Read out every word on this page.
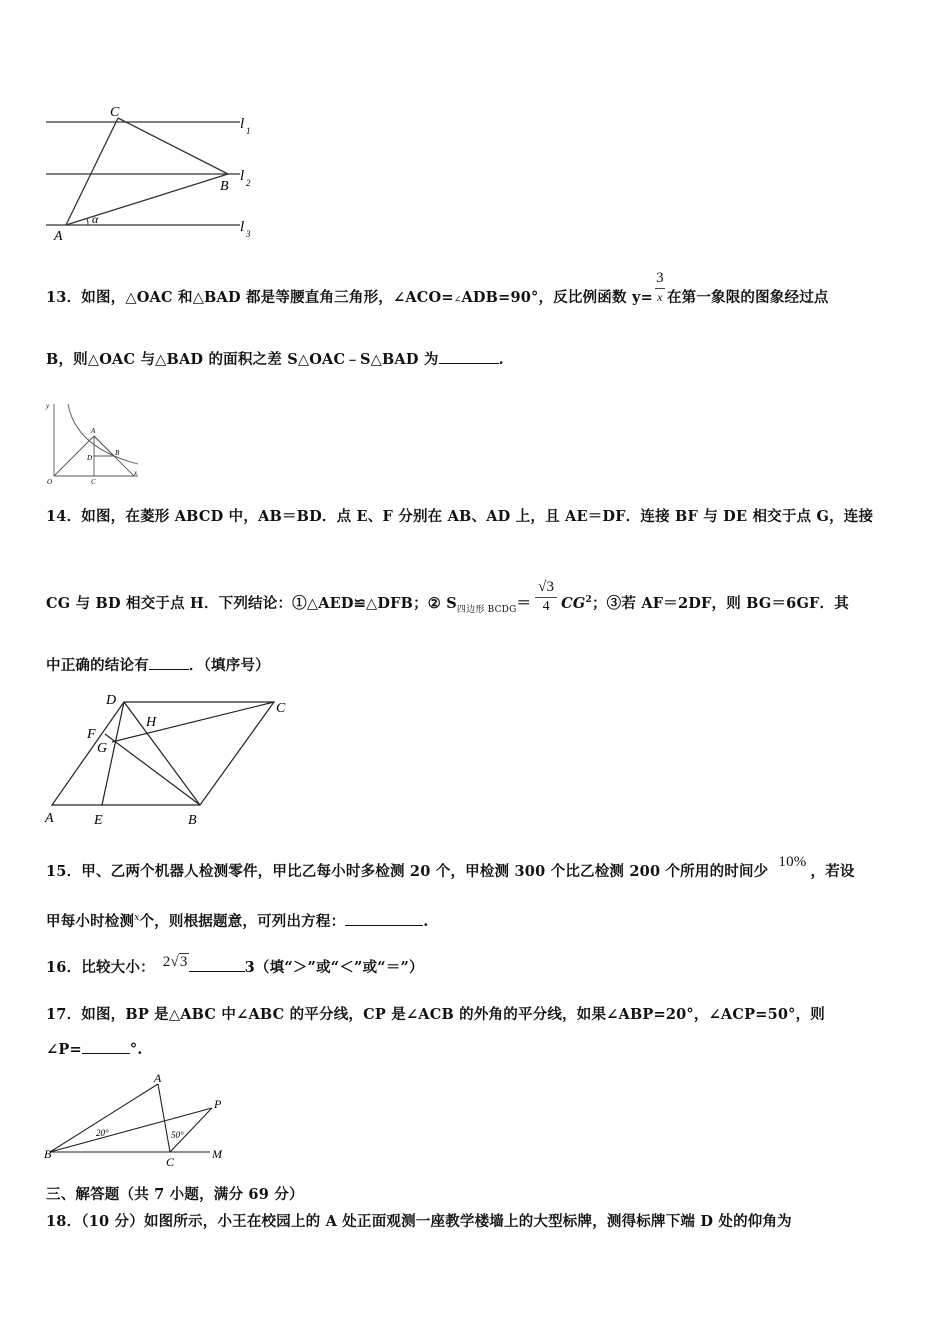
C
B
A
α
l 1
l 2
l 3
13．如图，△OAC 和△BAD 都是等腰直角三角形，∠ACO=∠ADB=90°，反比例函数 $y= \frac{3}{x}$ 在第一象限的图象经过点
B，则△OAC 与△BAD 的面积之差 S△OAC﹣S△BAD 为	.
y
x
O
A
B
C
D
14．如图，在菱形 ABCD 中，AB＝BD．点 E、F 分别在 AB、AD 上，且 AE＝DF．连接 BF 与 DE 相交于点 G，连接
CG 与 BD 相交于点 H．下列结论：①△AED≌△DFB；② $S_{四边形 BCDG}= \frac{√3}{4} CG^2$；③若 AF＝2DF，则 BG＝6GF．其
中正确的结论有	．（填序号）
D
C
H
F
G
A	E	B
15．甲、乙两个机器人检测零件，甲比乙每小时多检测 20 个，甲检测 300 个比乙检测 200 个所用的时间少10%，若设
甲每小时检测$^x$个，则根据题意，可列出方程：	.
16．比较大小： 2√3	3（填“＞”或“＜”或“＝”）
17．如图，BP 是△ABC 中∠ABC 的平分线，CP 是∠ACB 的外角的平分线，如果∠ABP=20°，∠ACP=50°，则
∠P=	°.
A
P
B
C
M
20°	50°
三、解答题（共 7 小题，满分 69 分）
18．（10 分）如图所示，小王在校园上的 A 处正面观测一座教学楼墙上的大型标牌，测得标牌下端 D 处的仰角为
